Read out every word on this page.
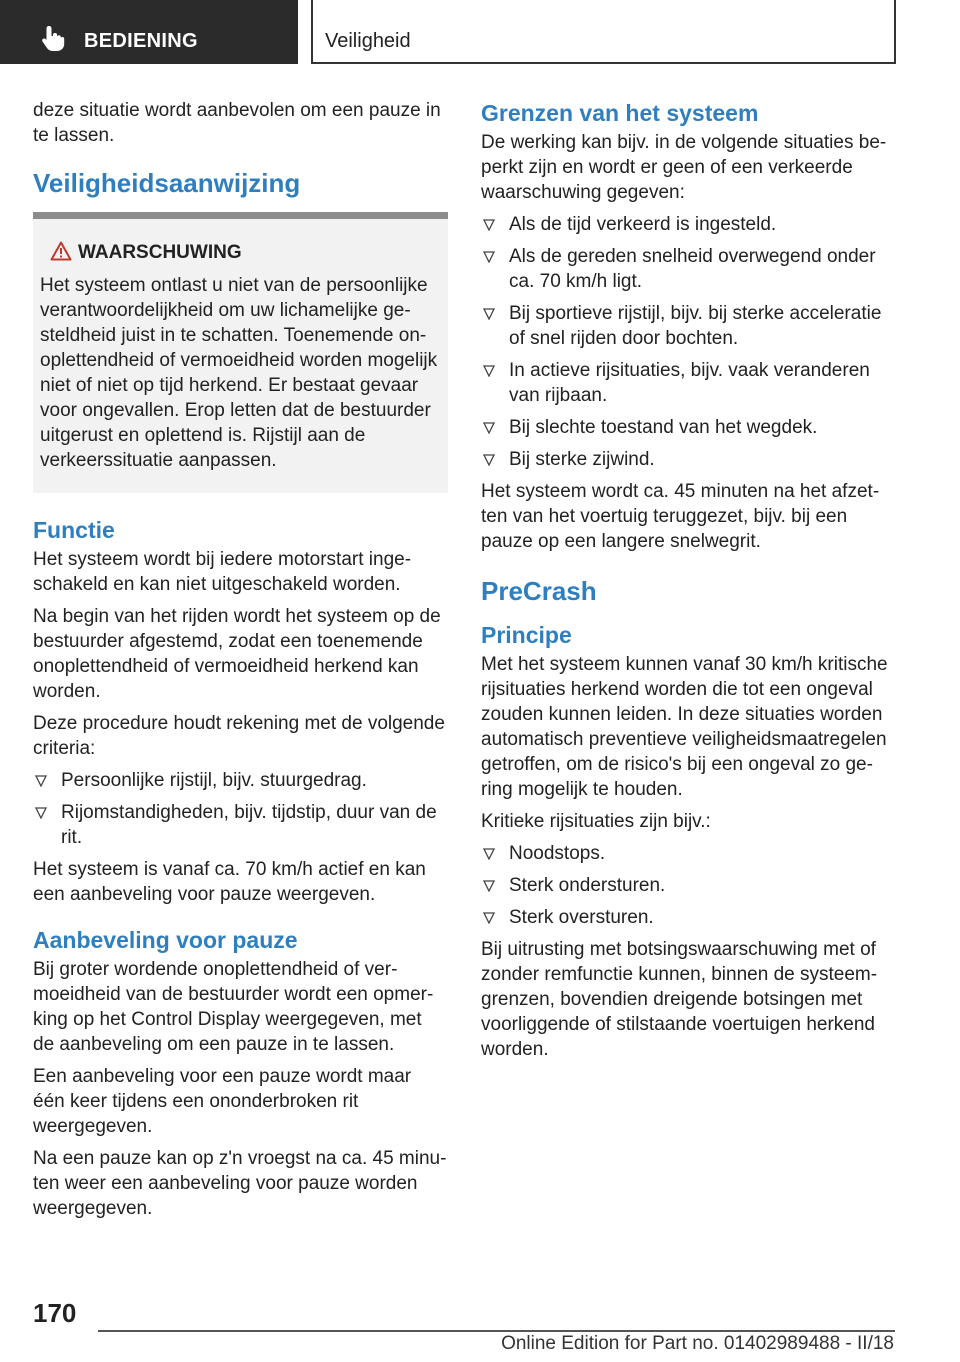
BEDIENING	Veiligheid

deze situatie wordt aanbevolen om een pauze in te lassen.

Veiligheidsaanwijzing
WAARSCHUWING

Het systeem ontlast u niet van de persoonlijke verantwoordelijkheid om uw lichamelijke gesteldheid juist in te schatten. Toenemende onoplettendheid of vermoeidheid worden mogelijk niet of niet op tijd herkend. Er bestaat gevaar voor ongevallen. Erop letten dat de bestuurder uitgerust en oplettend is. Rijstijl aan de verkeerssituatie aanpassen.

Functie

Het systeem wordt bij iedere motorstart ingeschakeld en kan niet uitgeschakeld worden.

Na begin van het rijden wordt het systeem op de bestuurder afgestemd, zodat een toenemende onoplettendheid of vermoeidheid herkend kan worden.

Deze procedure houdt rekening met de volgende criteria:

Persoonlijke rijstijl, bijv. stuurgedrag.
Rijomstandigheden, bijv. tijdstip, duur van de rit.

Het systeem is vanaf ca. 70 km/h actief en kan een aanbeveling voor pauze weergeven.

Aanbeveling voor pauze

Bij groter wordende onoplettendheid of vermoeidheid van de bestuurder wordt een opmerking op het Control Display weergegeven, met de aanbeveling om een pauze in te lassen.

Een aanbeveling voor een pauze wordt maar één keer tijdens een ononderbroken rit weergegeven.

Na een pauze kan op z'n vroegst na ca. 45 minuten weer een aanbeveling voor pauze worden weergegeven.

Grenzen van het systeem

De werking kan bijv. in de volgende situaties beperkt zijn en wordt er geen of een verkeerde waarschuwing gegeven:

Als de tijd verkeerd is ingesteld.
Als de gereden snelheid overwegend onder ca. 70 km/h ligt.
Bij sportieve rijstijl, bijv. bij sterke acceleratie of snel rijden door bochten.
In actieve rijsituaties, bijv. vaak veranderen van rijbaan.
Bij slechte toestand van het wegdek.
Bij sterke zijwind.

Het systeem wordt ca. 45 minuten na het afzetten van het voertuig teruggezet, bijv. bij een pauze op een langere snelwegrit.

PreCrash
Principe

Met het systeem kunnen vanaf 30 km/h kritische rijsituaties herkend worden die tot een ongeval zouden kunnen leiden. In deze situaties worden automatisch preventieve veiligheidsmaatregelen getroffen, om de risico's bij een ongeval zo gering mogelijk te houden.

Kritieke rijsituaties zijn bijv.:

Noodstops.
Sterk ondersturen.
Sterk oversturen.

Bij uitrusting met botsingswaarschuwing met of zonder remfunctie kunnen, binnen de systeemgrenzen, bovendien dreigende botsingen met voorliggende of stilstaande voertuigen herkend worden.

170
Online Edition for Part no. 01402989488 - II/18
